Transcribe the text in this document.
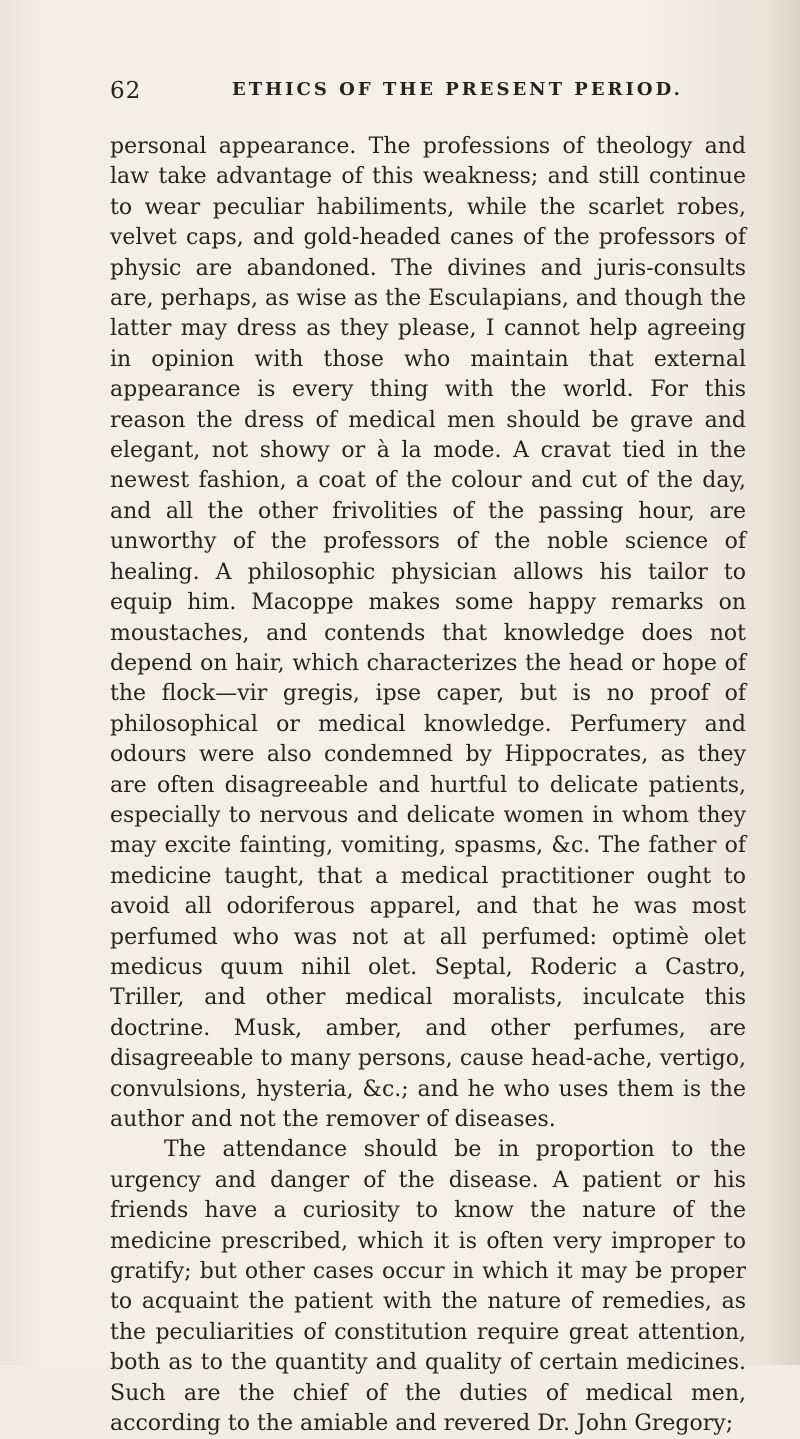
62	ETHICS OF THE PRESENT PERIOD.

personal appearance. The professions of theology and law take advantage of this weakness; and still continue to wear peculiar habiliments, while the scarlet robes, velvet caps, and gold-headed canes of the professors of physic are abandoned. The divines and juris-consults are, perhaps, as wise as the Esculapians, and though the latter may dress as they please, I cannot help agreeing in opinion with those who maintain that external appearance is every thing with the world. For this reason the dress of medical men should be grave and elegant, not showy or à la mode. A cravat tied in the newest fashion, a coat of the colour and cut of the day, and all the other frivolities of the passing hour, are unworthy of the professors of the noble science of healing. A philosophic physician allows his tailor to equip him. Macoppe makes some happy remarks on moustaches, and contends that knowledge does not depend on hair, which characterizes the head or hope of the flock—vir gregis, ipse caper, but is no proof of philosophical or medical knowledge. Perfumery and odours were also condemned by Hippocrates, as they are often disagreeable and hurtful to delicate patients, especially to nervous and delicate women in whom they may excite fainting, vomiting, spasms, &c. The father of medicine taught, that a medical practitioner ought to avoid all odoriferous apparel, and that he was most perfumed who was not at all perfumed: optimè olet medicus quum nihil olet. Septal, Roderic a Castro, Triller, and other medical moralists, inculcate this doctrine. Musk, amber, and other perfumes, are disagreeable to many persons, cause head-ache, vertigo, convulsions, hysteria, &c.; and he who uses them is the author and not the remover of diseases.

The attendance should be in proportion to the urgency and danger of the disease. A patient or his friends have a curiosity to know the nature of the medicine prescribed, which it is often very improper to gratify; but other cases occur in which it may be proper to acquaint the patient with the nature of remedies, as the peculiarities of constitution require great attention, both as to the quantity and quality of certain medicines. Such are the chief of the duties of medical men, according to the amiable and revered Dr. John Gregory;
